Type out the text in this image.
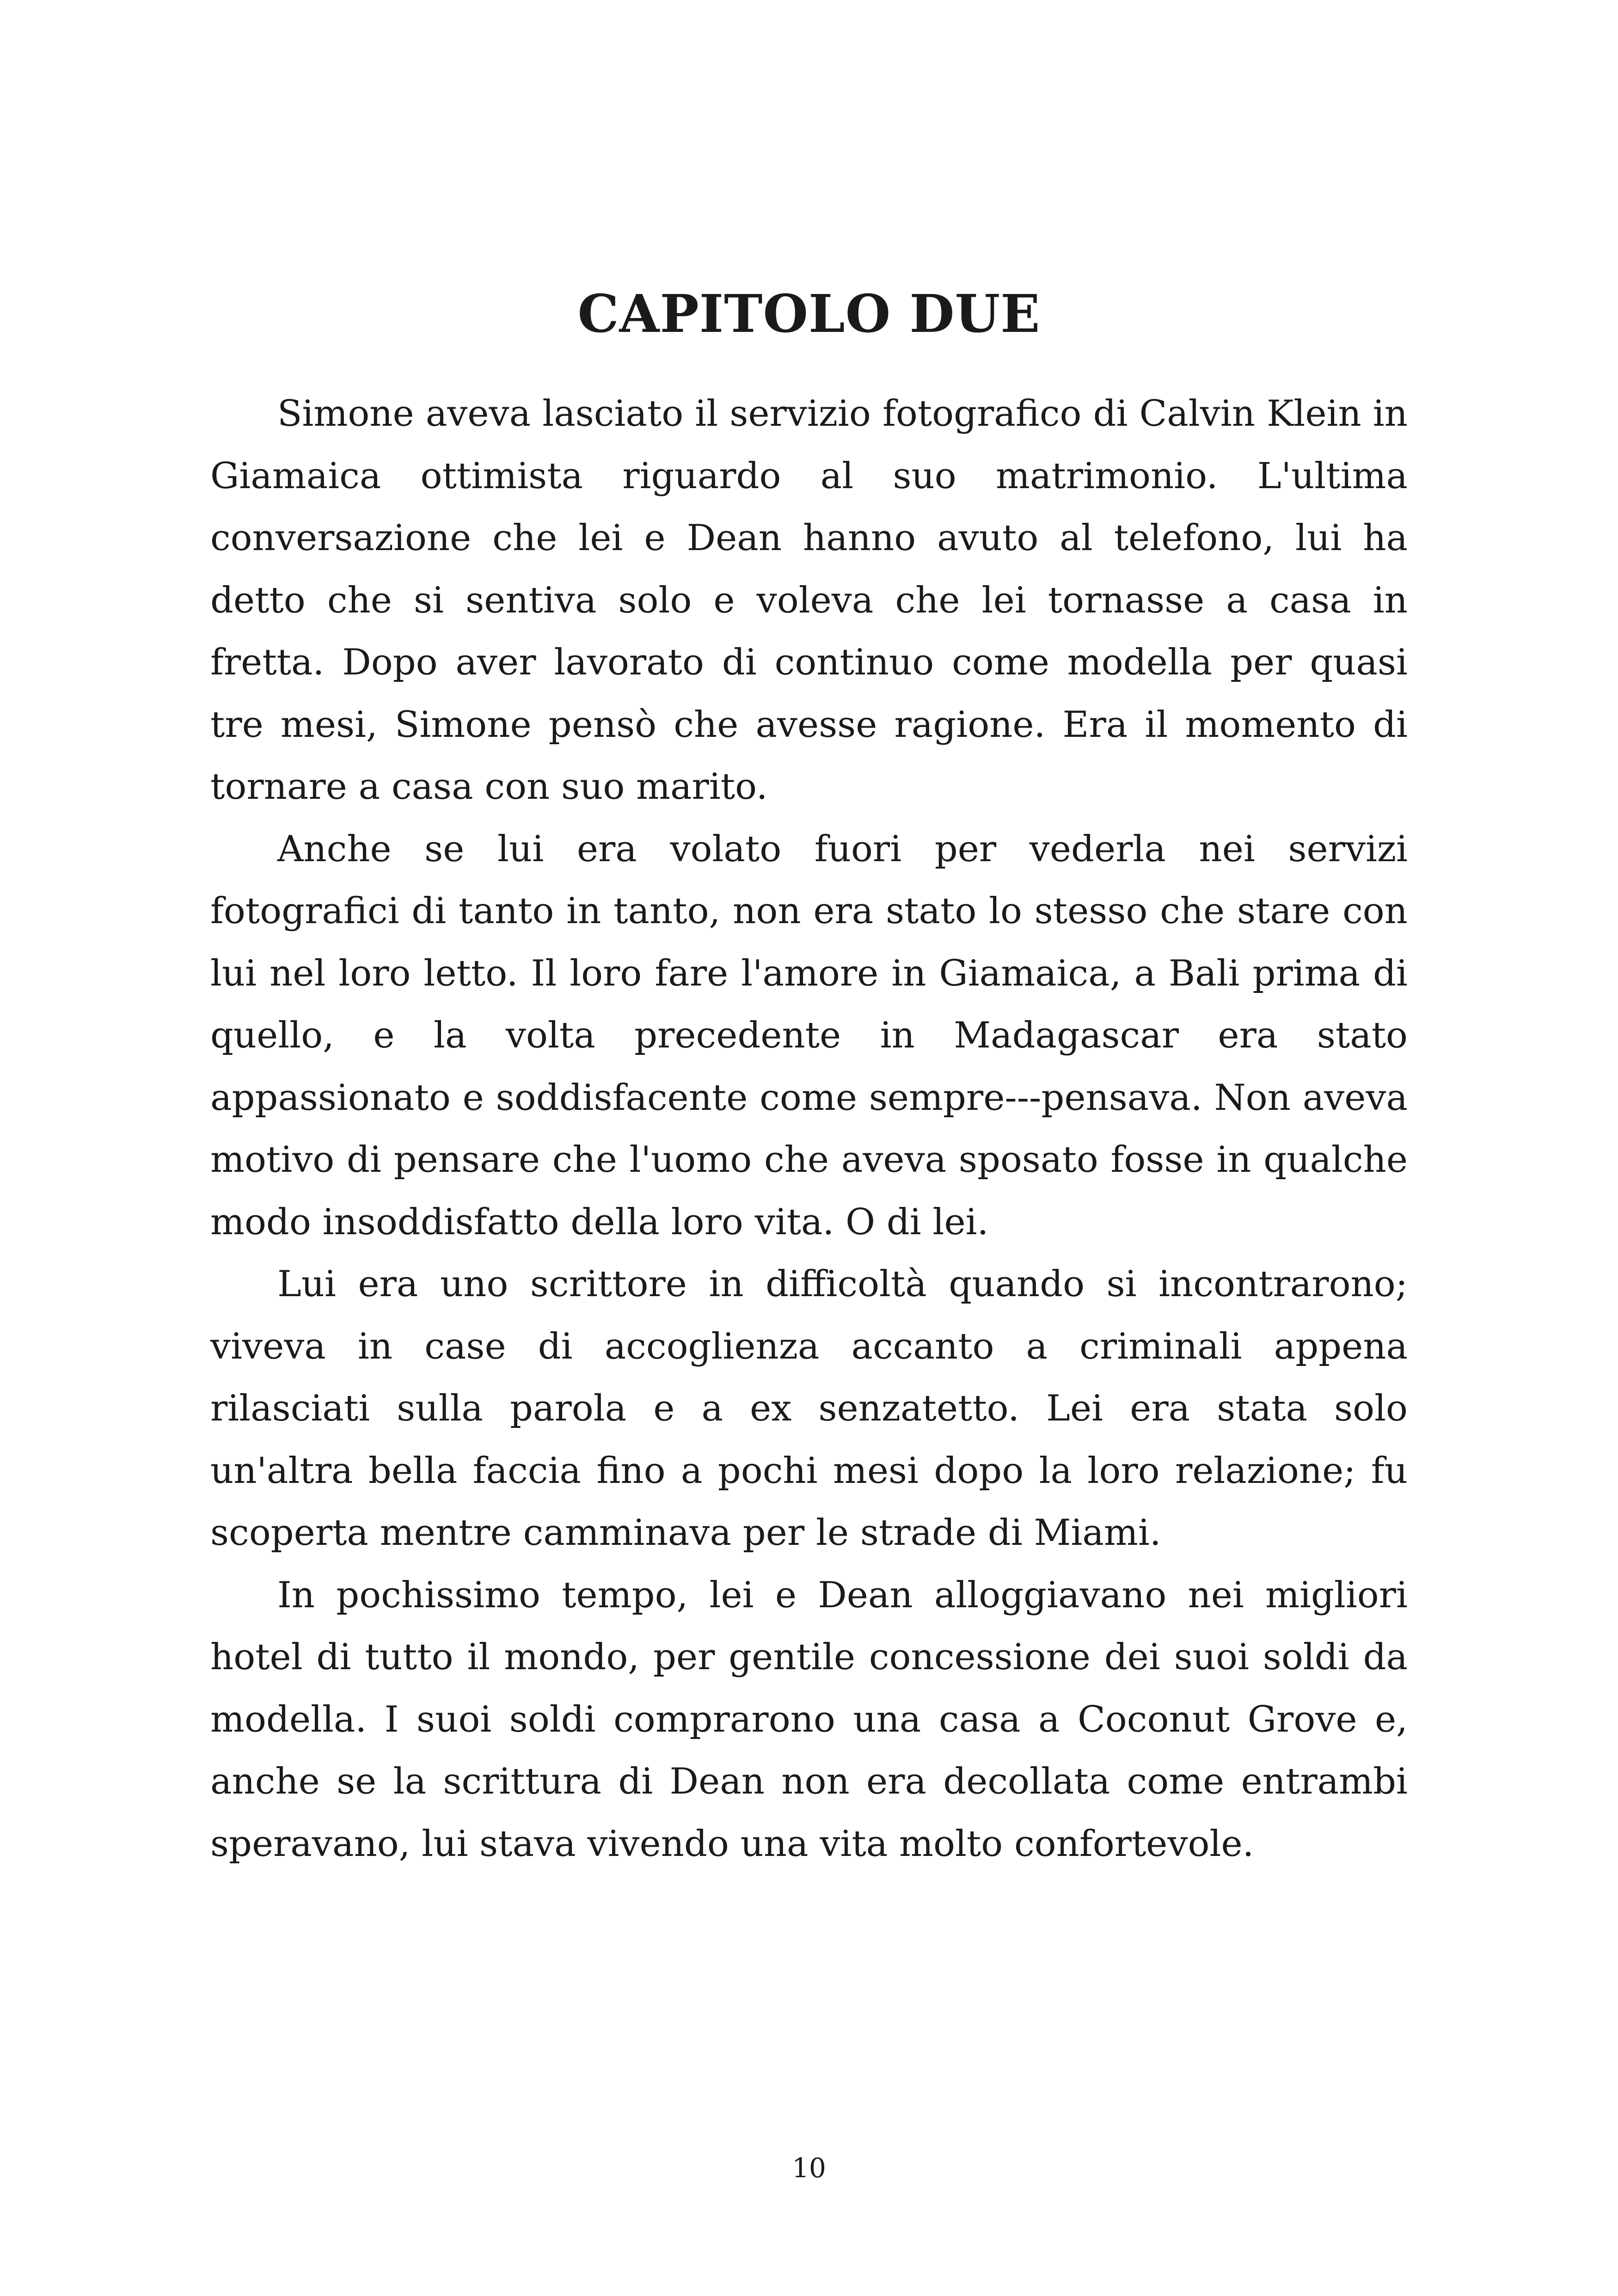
CAPITOLO DUE

Simone aveva lasciato il servizio fotografico di Calvin Klein in Giamaica ottimista riguardo al suo matrimonio. L'ultima conversazione che lei e Dean hanno avuto al telefono, lui ha detto che si sentiva solo e voleva che lei tornasse a casa in fretta. Dopo aver lavorato di continuo come modella per quasi tre mesi, Simone pensò che avesse ragione. Era il momento di tornare a casa con suo marito.

Anche se lui era volato fuori per vederla nei servizi fotografici di tanto in tanto, non era stato lo stesso che stare con lui nel loro letto. Il loro fare l'amore in Giamaica, a Bali prima di quello, e la volta precedente in Madagascar era stato appassionato e soddisfacente come sempre---pensava. Non aveva motivo di pensare che l'uomo che aveva sposato fosse in qualche modo insoddisfatto della loro vita. O di lei.

Lui era uno scrittore in difficoltà quando si incontrarono; viveva in case di accoglienza accanto a criminali appena rilasciati sulla parola e a ex senzatetto. Lei era stata solo un'altra bella faccia fino a pochi mesi dopo la loro relazione; fu scoperta mentre camminava per le strade di Miami.

In pochissimo tempo, lei e Dean alloggiavano nei migliori hotel di tutto il mondo, per gentile concessione dei suoi soldi da modella. I suoi soldi comprarono una casa a Coconut Grove e, anche se la scrittura di Dean non era decollata come entrambi speravano, lui stava vivendo una vita molto confortevole.

10
